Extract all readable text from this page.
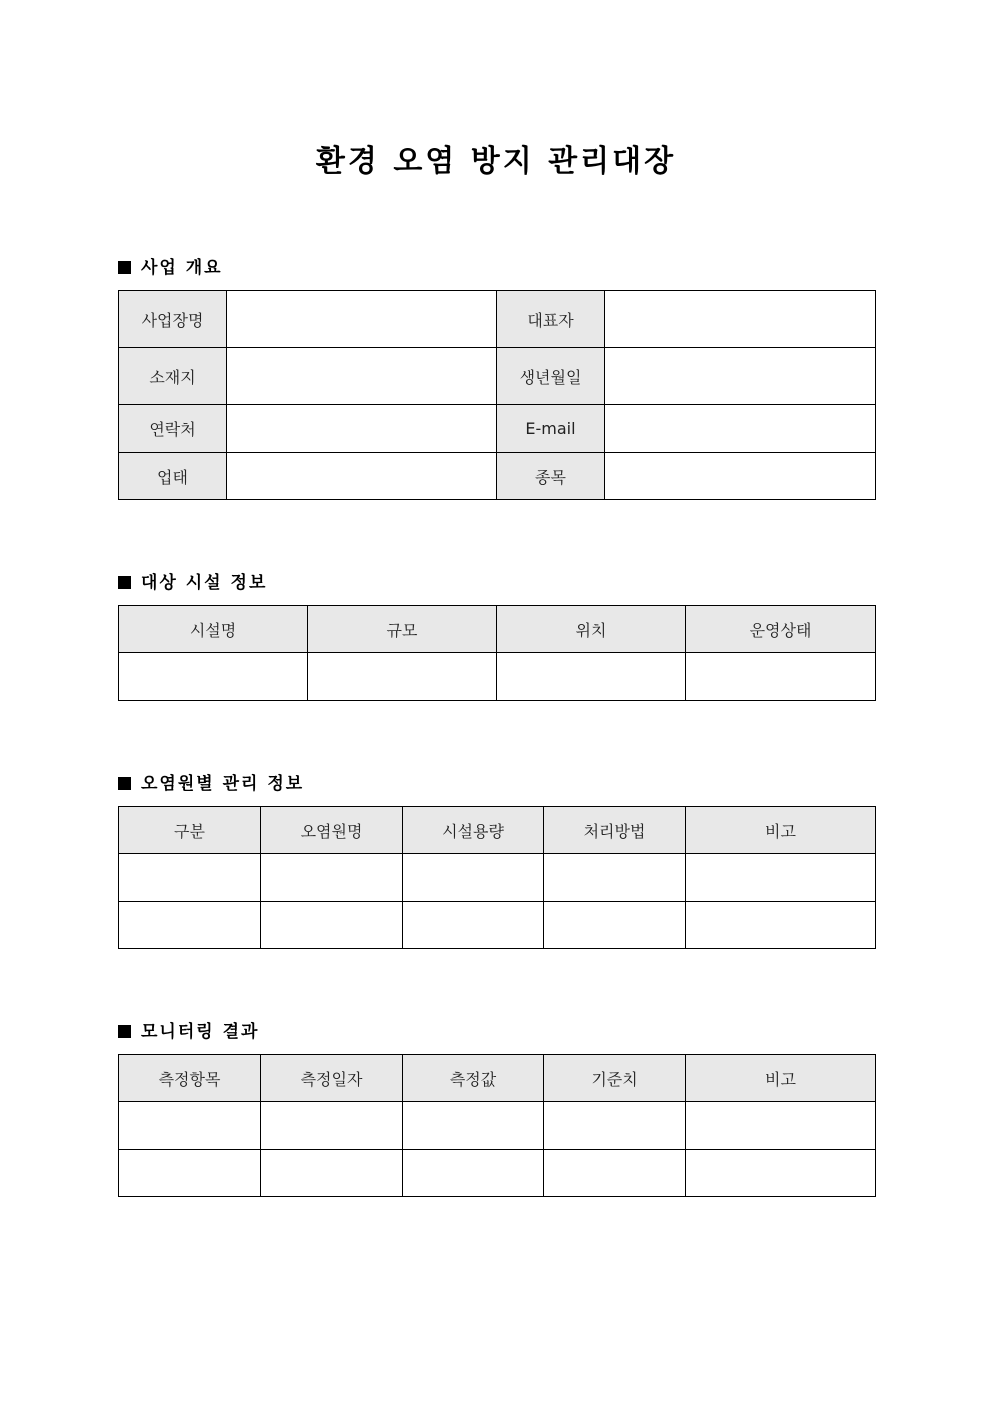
환경 오염 방지 관리대장
사업 개요
사업장명		대표자	
소재지		생년월일	
연락처		E-mail	
업태		종목	
대상 시설 정보
시설명	규모	위치	운영상태

오염원별 관리 정보
구분	오염원명	시설용량	처리방법	비고

모니터링 결과
측정항목	측정일자	측정값	기준치	비고
